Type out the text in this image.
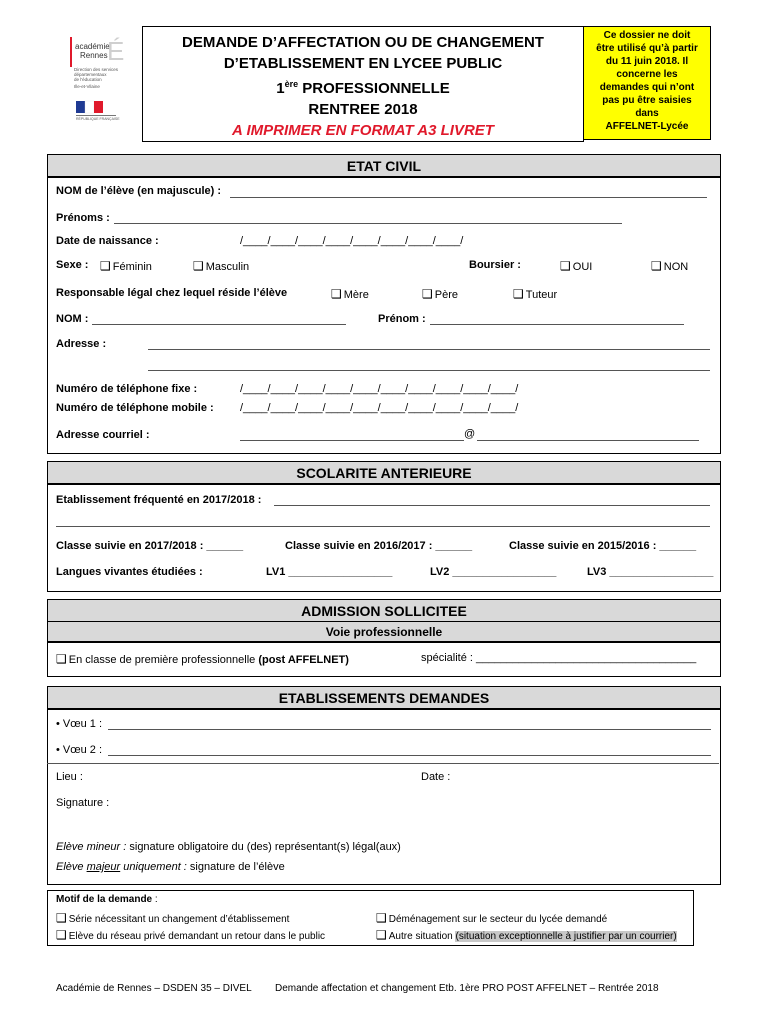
académie
Rennes É
Direction des services
départementaux
de l'éducation
Ille-et-Vilaine
RÉPUBLIQUE FRANÇAISE
DEMANDE D’AFFECTATION OU DE CHANGEMENT
D’ETABLISSEMENT EN LYCEE PUBLIC
1ère PROFESSIONNELLE
RENTREE 2018
A IMPRIMER EN FORMAT A3 LIVRET
Ce dossier ne doit
être utilisé qu’à partir
du 11 juin 2018. Il
concerne les
demandes qui n’ont
pas pu être saisies
dans
AFFELNET-Lycée
ETAT CIVIL
NOM de l’élève (en majuscule) :
Prénoms :
Date de naissance :	/____/____/____/____/____/____/____/____/
Sexe : ❑ Féminin	❑ Masculin	Boursier :	❑ OUI	❑ NON
Responsable légal chez lequel réside l’élève	❑ Mère	❑ Père	❑ Tuteur
NOM :	Prénom :
Adresse :
Numéro de téléphone fixe :	/____/____/____/____/____/____/____/____/____/____/
Numéro de téléphone mobile : /____/____/____/____/____/____/____/____/____/____/
Adresse courriel :	@
SCOLARITE ANTERIEURE
Etablissement fréquenté en 2017/2018 :
Classe suivie en 2017/2018 : ______	Classe suivie en 2016/2017 : ______	Classe suivie en 2015/2016 : ______
Langues vivantes étudiées :	LV1 _________________	LV2 _________________	LV3 _________________
ADMISSION SOLLICITEE
Voie professionnelle
❑ En classe de première professionnelle (post AFFELNET)	spécialité : ____________________________________
ETABLISSEMENTS DEMANDES
• Vœu 1 :
• Vœu 2 :
Lieu :	Date :
Signature :
Elève mineur : signature obligatoire du (des) représentant(s) légal(aux)
Elève majeur uniquement : signature de l’élève
Motif de la demande :
❑ Série nécessitant un changement d’établissement	❑ Déménagement sur le secteur du lycée demandé
❑ Elève du réseau privé demandant un retour dans le public	❑ Autre situation (situation exceptionnelle à justifier par un courrier)
Académie de Rennes – DSDEN 35 – DIVEL Demande affectation et changement Etb. 1ère PRO POST AFFELNET – Rentrée 2018
